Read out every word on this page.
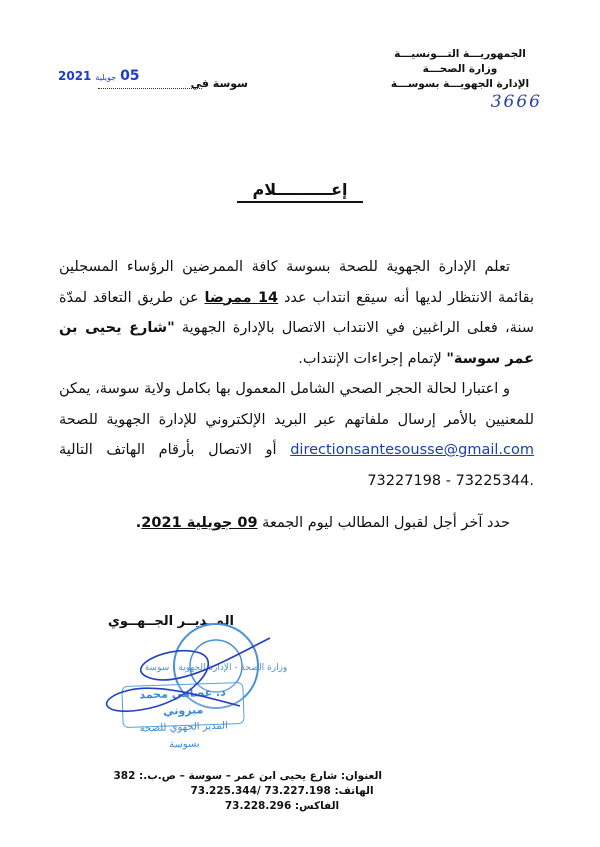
الجمهوريـــة التـــونسيـــة
وزارة الصحـــة
الإدارة الجهويـــة بسوســـة
3666
سوسة في
2021 جويلية 05
إعــــــــــلام
تعلم الإدارة الجهوية للصحة بسوسة كافة الممرضين الرؤساء المسجلين بقائمة الانتظار لديها أنه سيقع انتداب عدد 14 ممرضا عن طريق التعاقد لمدّة سنة، فعلى الراغبين في الانتداب الاتصال بالإدارة الجهوية "شارع يحيى بن عمر سوسة" لإتمام إجراءات الإنتداب.
و اعتبارا لحالة الحجر الصحي الشامل المعمول بها بكامل ولاية سوسة، يمكن للمعنيين بالأمر إرسال ملفاتهم عبر البريد الإلكتروني للإدارة الجهوية للصحة directionsantesousse@gmail.com أو الاتصال بأرقام الهاتف التالية 73227198 - 73225344.
حدد آخر أجل لقبول المطالب ليوم الجمعة 09 جويلية 2021.
المــديــر الجــهــوي
وزارة الصحة - الإدارة الجهوية - سوسة
د. عصامي محمد ميزوني
المدير الجهوي للصحة بسوسة
العنوان: شارع يحيى ابن عمر – سوسة – ص.ب.: 382
الهاتف: 73.227.198 /73.225.344
الفاكس: 73.228.296
